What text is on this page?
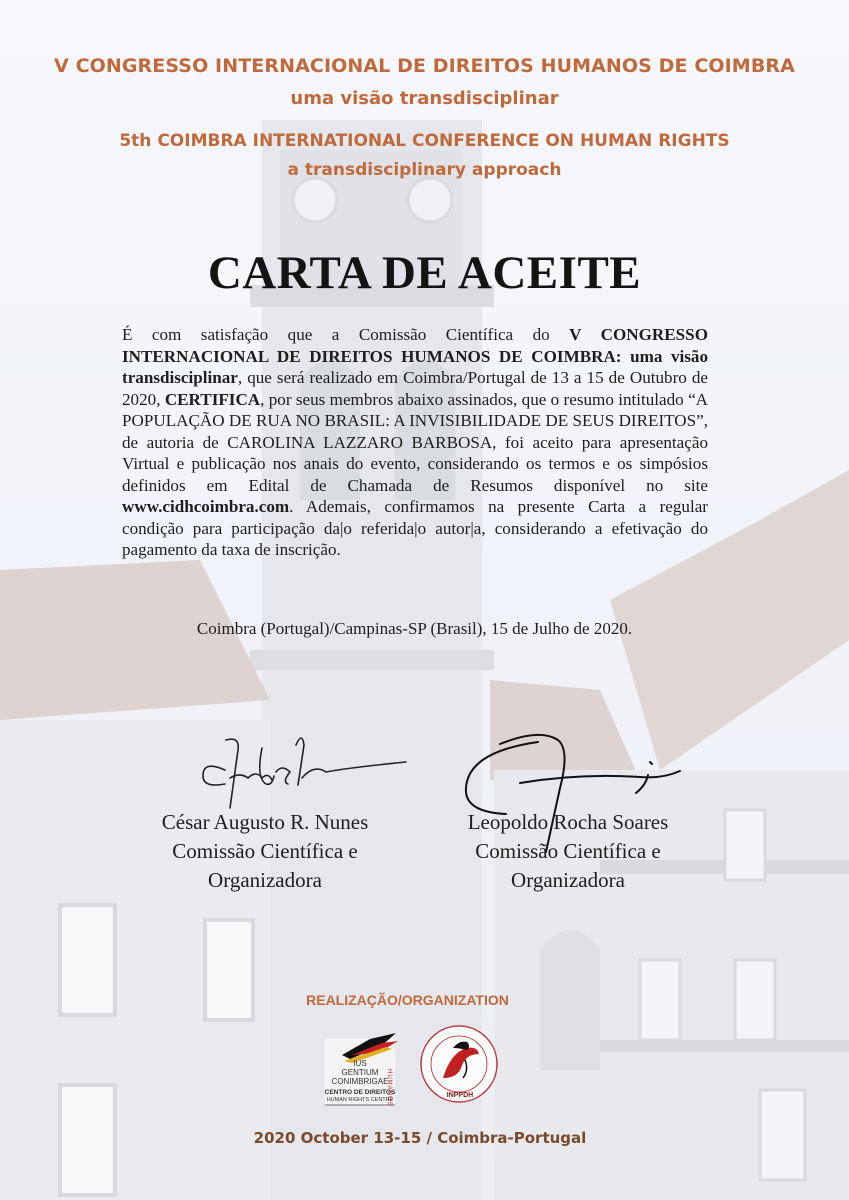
V CONGRESSO INTERNACIONAL DE DIREITOS HUMANOS DE COIMBRA
uma visão transdisciplinar
5th COIMBRA INTERNATIONAL CONFERENCE ON HUMAN RIGHTS
a transdisciplinary approach
CARTA DE ACEITE
É com satisfação que a Comissão Científica do V CONGRESSO INTERNACIONAL DE DIREITOS HUMANOS DE COIMBRA: uma visão transdisciplinar, que será realizado em Coimbra/Portugal de 13 a 15 de Outubro de 2020, CERTIFICA, por seus membros abaixo assinados, que o resumo intitulado “A POPULAÇÃO DE RUA NO BRASIL: A INVISIBILIDADE DE SEUS DIREITOS”, de autoria de CAROLINA LAZZARO BARBOSA, foi aceito para apresentação Virtual e publicação nos anais do evento, considerando os termos e os simpósios definidos em Edital de Chamada de Resumos disponível no site www.cidhcoimbra.com. Ademais, confirmamos na presente Carta a regular condição para participação da|o referida|o autor|a, considerando a efetivação do pagamento da taxa de inscrição.
Coimbra (Portugal)/Campinas-SP (Brasil), 15 de Julho de 2020.
César Augusto R. Nunes
Comissão Científica e
Organizadora
Leopoldo Rocha Soares
Comissão Científica e
Organizadora
REALIZAÇÃO/ORGANIZATION
IUS
GENTIUM
CONIMBRIGAE
CENTRO DE DIREITOS
HUMAN RIGHTS CENTRE
HUMANOS	INPPDH
2020 October 13-15 / Coimbra-Portugal
